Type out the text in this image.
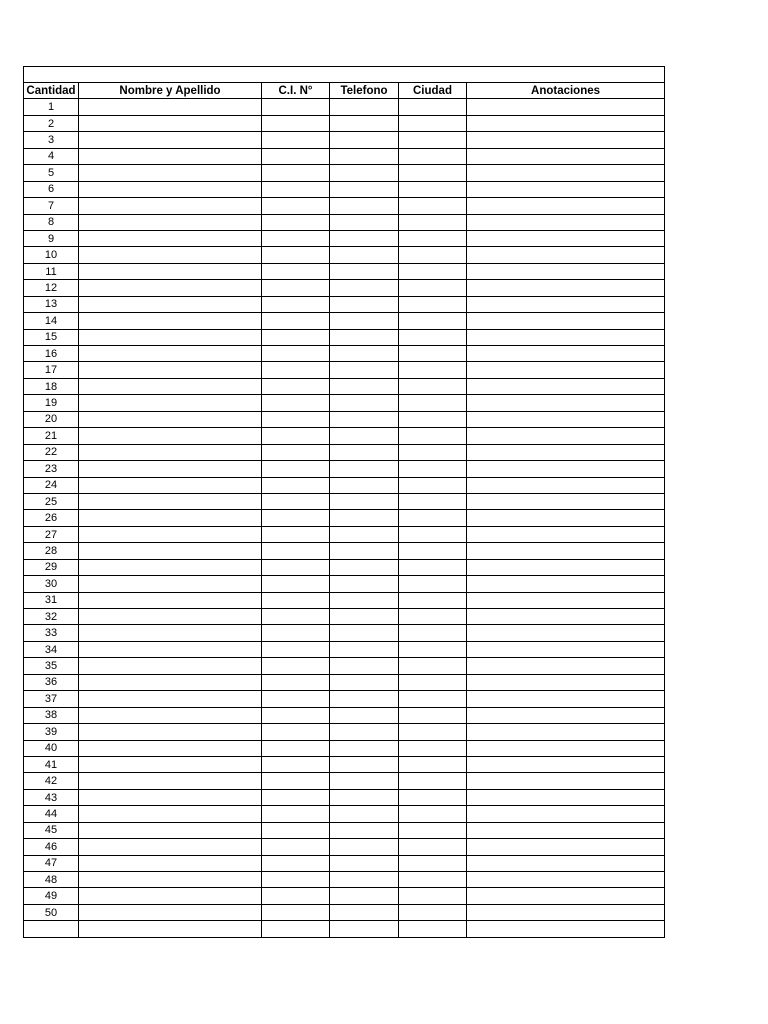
Cantidad	Nombre y Apellido	C.I. N°	Telefono	Ciudad	Anotaciones
1					
2					
3					
4					
5					
6					
7					
8					
9					
10					
11					
12					
13					
14					
15					
16					
17					
18					
19					
20					
21					
22					
23					
24					
25					
26					
27					
28					
29					
30					
31					
32					
33					
34					
35					
36					
37					
38					
39					
40					
41					
42					
43					
44					
45					
46					
47					
48					
49					
50					
